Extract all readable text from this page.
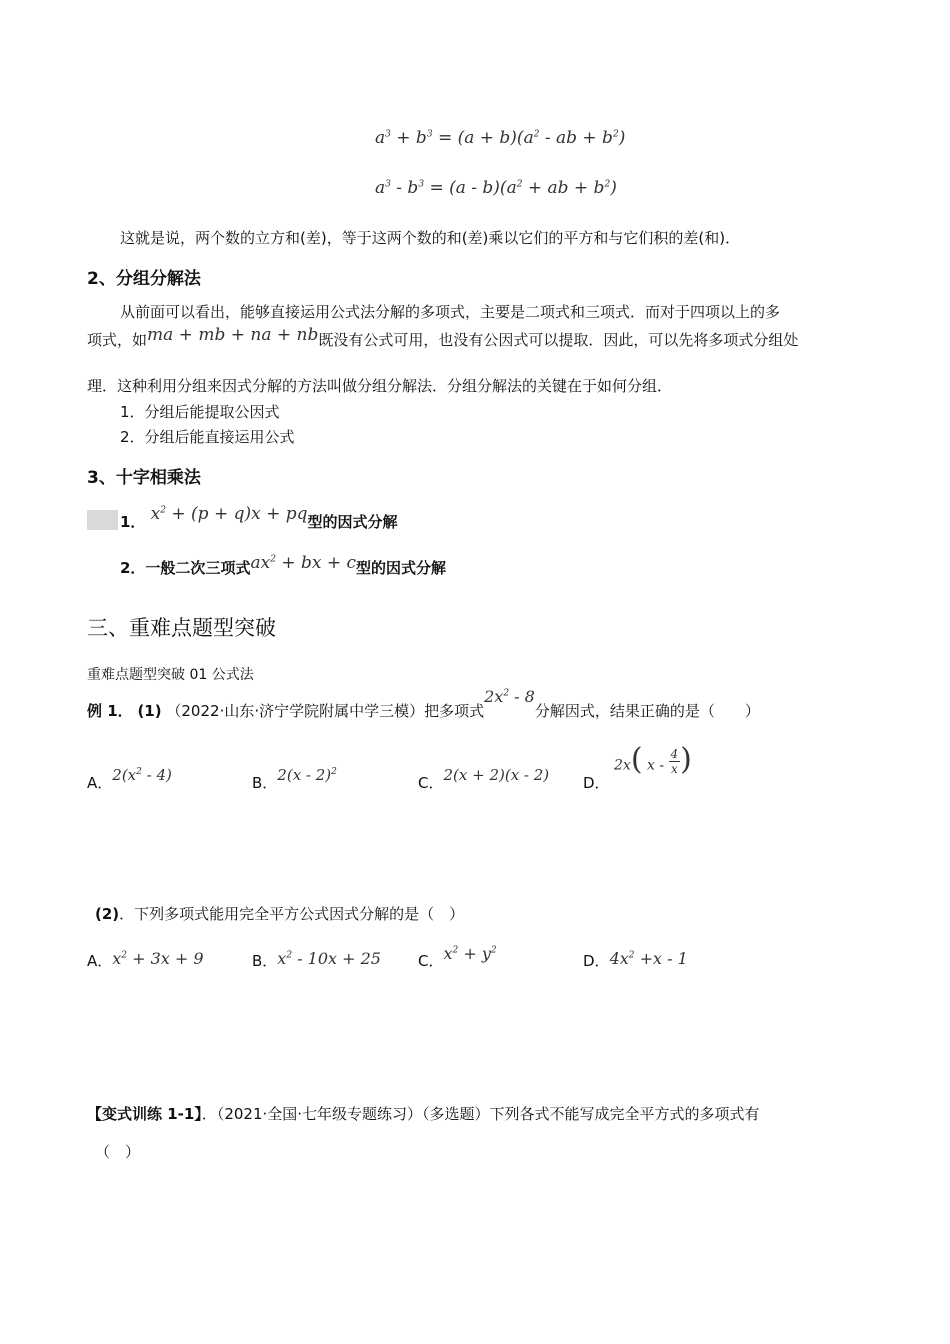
$a^3 + b^3 = (a + b)(a^2$ - ab + $b^2$)
$a^3 - b^3 = (a - b)(a^2$ + ab + $b^2$)
这就是说，两个数的立方和(差)，等于这两个数的和(差)乘以它们的平方和与它们积的差(和)．
2、分组分解法
从前面可以看出，能够直接运用公式法分解的多项式，主要是二项式和三项式．而对于四项以上的多
项式，如ma + mb + na + nb既没有公式可用，也没有公因式可以提取．因此，可以先将多项式分组处
理．这种利用分组来因式分解的方法叫做分组分解法．分组分解法的关键在于如何分组．
1．分组后能提取公因式
2．分组后能直接运用公式
3、十字相乘法
1． $x^2 + (p + q)x$ + pq型的因式分解
2．一般二次三项式$ax^2$ + bx + c型的因式分解
三、重难点题型突破
重难点题型突破 01 公式法
例 1． (1) （2022·山东·济宁学院附属中学三模）把多项式$2x^2 - 8$分解因式，结果正确的是（　　）
A．$2(x^2 - 4)$	B．2(x - 2)$^2$
C．2(x + 2)(x - 2) D．
2x( x - $\frac{4}{x}$ )
(2)．下列多项式能用完全平方公式因式分解的是（　）
A．$x^2 + 3x + 9$	B．$x^2 - 10x + 25$ C．$x^2 + y^2$
D．$4x^2 +x - 1$
【变式训练 1-1】．（2021·全国·七年级专题练习）（多选题）下列各式不能写成完全平方式的多项式有
（　）
